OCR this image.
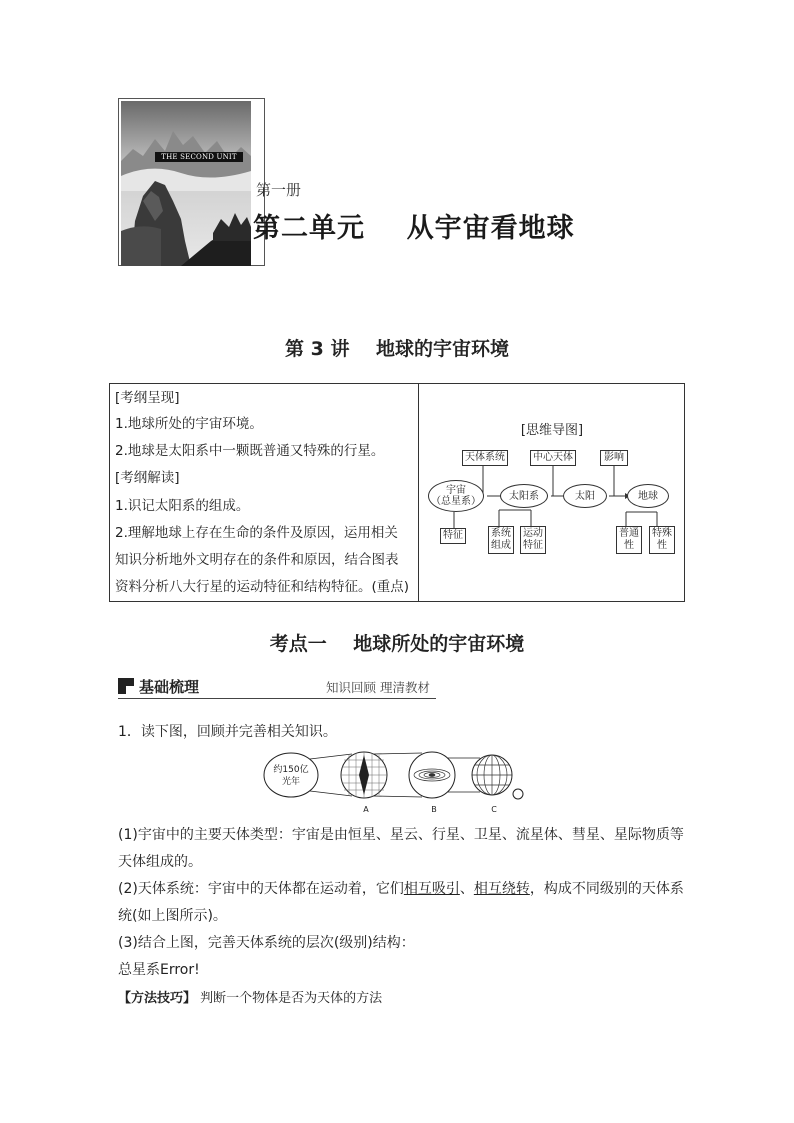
THE SECOND UNIT
第一册
第二单元    从宇宙看地球
第 3 讲    地球的宇宙环境
[考纲呈现]
1.地球所处的宇宙环境。
2.地球是太阳系中一颗既普通又特殊的行星。
[考纲解读]
1.识记太阳系的组成。
2.理解地球上存在生命的条件及原因，运用相关
知识分析地外文明存在的条件和原因，结合图表
资料分析八大行星的运动特征和结构特征。(重点)
[思维导图]
天体系统	中心天体	影响
宇宙
（总星系）	太阳系	太阳	地球
特征	系统
组成
运动
特征
普通
性
特殊
性
考点一    地球所处的宇宙环境
基础梳理	知识回顾 理清教材
1．读下图，回顾并完善相关知识。
约150亿
光年
A	B	C
(1)宇宙中的主要天体类型：宇宙是由恒星、星云、行星、卫星、流星体、彗星、星际物质等
天体组成的。
(2)天体系统：宇宙中的天体都在运动着，它们相互吸引、相互绕转，构成不同级别的天体系
统(如上图所示)。
(3)结合上图，完善天体系统的层次(级别)结构：
总星系Error!
【方法技巧】 判断一个物体是否为天体的方法
